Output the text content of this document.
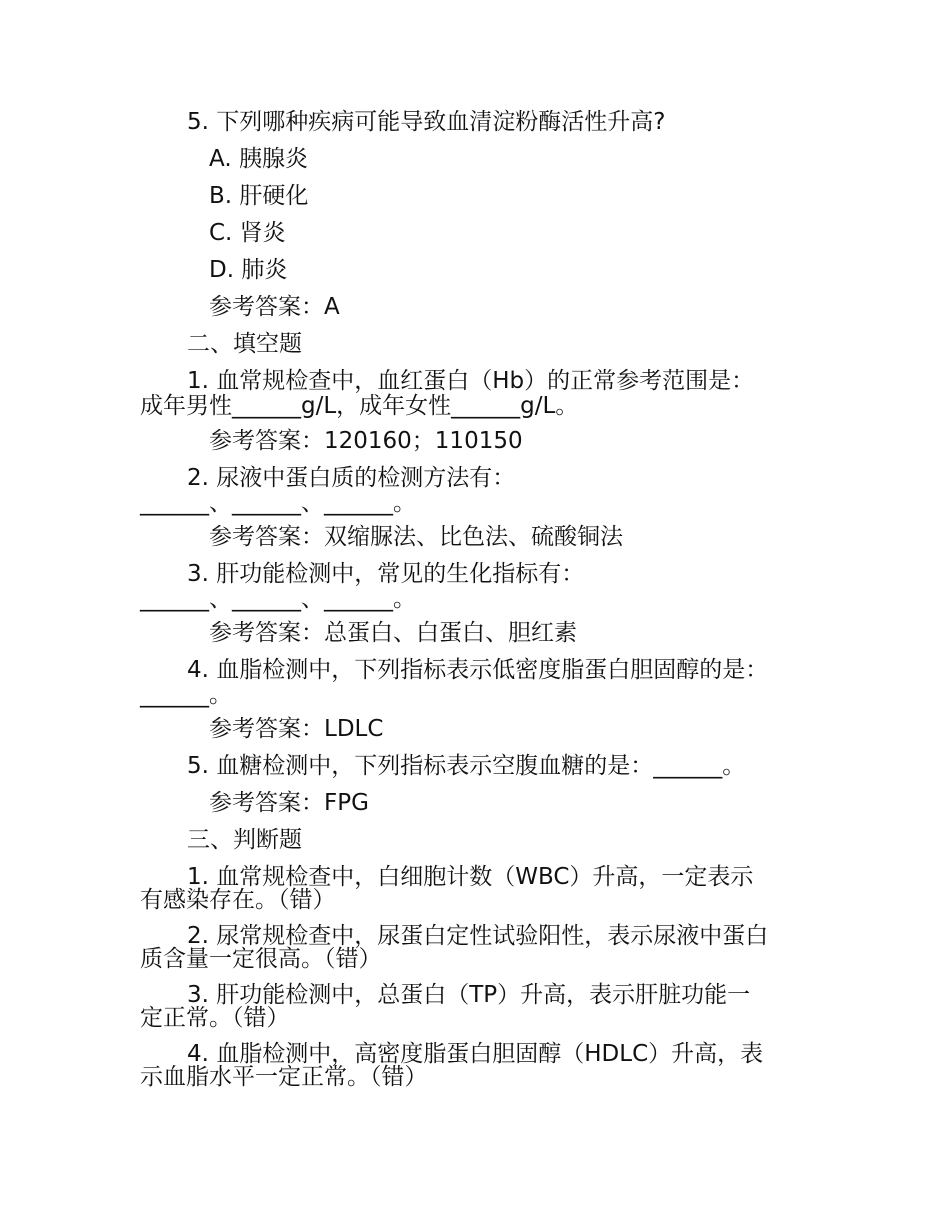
5. 下列哪种疾病可能导致血清淀粉酶活性升高?
A. 胰腺炎
B. 肝硬化
C. 肾炎
D. 肺炎
参考答案：A
二、填空题
1. 血常规检查中，血红蛋白（Hb）的正常参考范围是：
成年男性______g/L，成年女性______g/L。
参考答案：120160；110150
2. 尿液中蛋白质的检测方法有：
______、______、______。
参考答案：双缩脲法、比色法、硫酸铜法
3. 肝功能检测中，常见的生化指标有：
______、______、______。
参考答案：总蛋白、白蛋白、胆红素
4. 血脂检测中，下列指标表示低密度脂蛋白胆固醇的是：
______。
参考答案：LDLC
5. 血糖检测中，下列指标表示空腹血糖的是：______。
参考答案：FPG
三、判断题
1. 血常规检查中，白细胞计数（WBC）升高，一定表示
有感染存在。（错）
2. 尿常规检查中，尿蛋白定性试验阳性，表示尿液中蛋白
质含量一定很高。（错）
3. 肝功能检测中，总蛋白（TP）升高，表示肝脏功能一
定正常。（错）
4. 血脂检测中，高密度脂蛋白胆固醇（HDLC）升高，表
示血脂水平一定正常。（错）
